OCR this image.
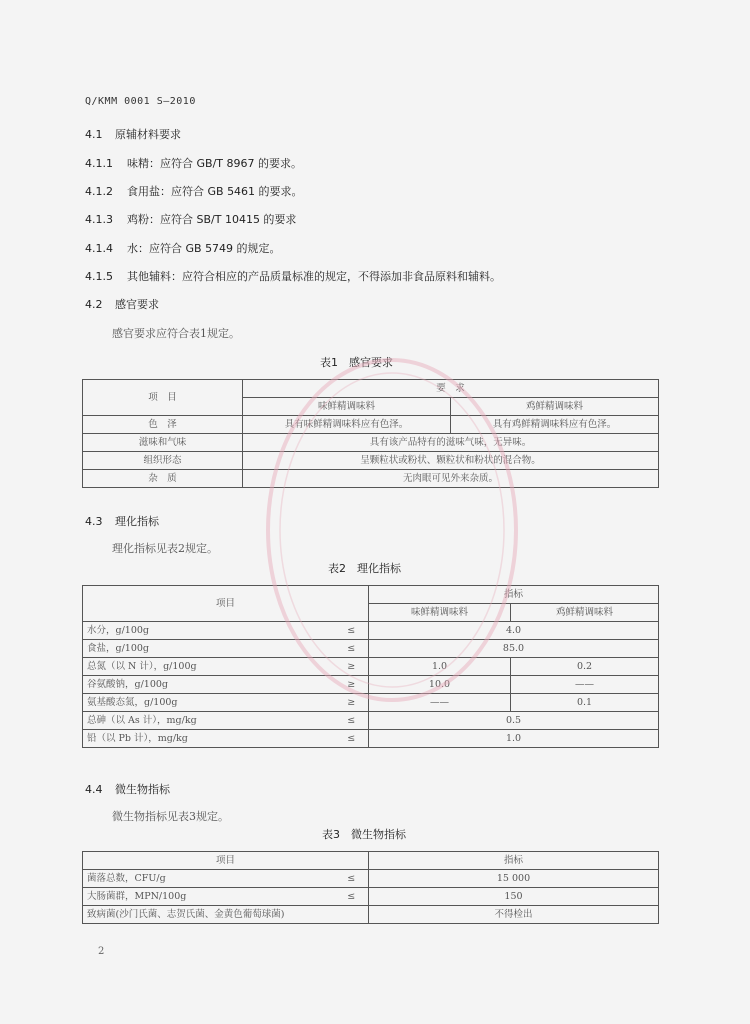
Q/KMM 0001 S—2010
4.1 原辅材料要求
4.1.1 味精：应符合 GB/T 8967 的要求。
4.1.2 食用盐：应符合 GB 5461 的要求。
4.1.3 鸡粉：应符合 SB/T 10415 的要求
4.1.4 水：应符合 GB 5749 的规定。
4.1.5 其他辅料：应符合相应的产品质量标准的规定，不得添加非食品原料和辅料。
4.2 感官要求
感官要求应符合表1规定。
表1　感官要求
项　目	要　求	
	味鲜精调味料	鸡鲜精调味料
色　泽	具有味鲜精调味料应有色泽。	具有鸡鲜精调味料应有色泽。
滋味和气味	具有该产品特有的滋味气味，无异味。	
组织形态	呈颗粒状或粉状、颗粒状和粉状的混合物。	
杂　质	无肉眼可见外来杂质。	
4.3 理化指标
理化指标见表2规定。
表2　理化指标
项目		指标	
		味鲜精调味料	鸡鲜精调味料
水分，g/100g	≤	4.0	
食盐，g/100g	≤	85.0	
总氮（以 N 计），g/100g	≥	1.0	0.2
谷氨酸钠，g/100g	≥	10.0	——
氨基酸态氮，g/100g	≥	——	0.1
总砷（以 As 计），mg/kg	≤	0.5	
铅（以 Pb 计），mg/kg	≤	1.0	
4.4 微生物指标
微生物指标见表3规定。
表3　微生物指标
项目		指标
菌落总数，CFU/g	≤	15 000
大肠菌群，MPN/100g	≤	150
致病菌(沙门氏菌、志贺氏菌、金黄色葡萄球菌)		不得检出
2
